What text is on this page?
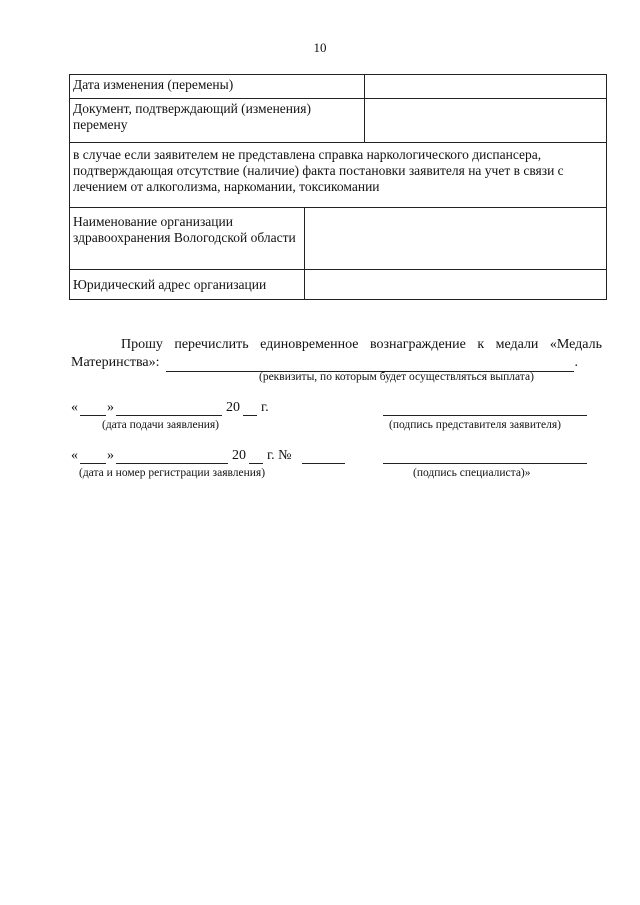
10
Дата изменения (перемены)		
Документ, подтверждающий (изменения) перемену		
в случае если заявителем не представлена справка наркологического диспансера, подтверждающая отсутствие (наличие) факта постановки заявителя на учет в связи с лечением от алкоголизма, наркомании, токсикомании		
Наименование организации здравоохранения Вологодской области		
Юридический адрес организации		
Прошу перечислить единовременное вознаграждение к медали «Медаль
Материнства»:	.
(реквизиты, по которым будет осуществляться выплата)
« »	20 г.
(дата подачи заявления)	(подпись представителя заявителя)
« »	20 г. №
(дата и номер регистрации заявления)	(подпись специалиста)»
